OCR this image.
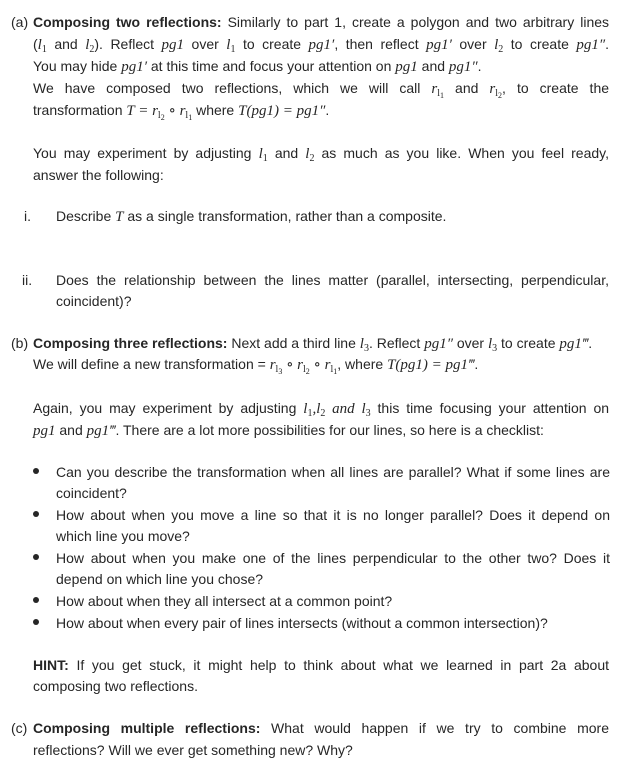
(a) Composing two reflections: Similarly to part 1, create a polygon and two arbitrary lines
($l_1$ and $l_2$). Reflect pg1 over $l_1$ to create pg1′, then reflect pg1′ over $l_2$ to create pg1″.
You may hide pg1′ at this time and focus your attention on pg1 and pg1″.
We have composed two reflections, which we will call $r_{l_1}$ and $r_{l_2}$, to create the
transformation $T = r_{l_2}$ ∘ $r_{l_1}$ where T(pg1) = pg1″.
You may experiment by adjusting $l_1$ and $l_2$ as much as you like. When you feel ready,
answer the following:
i. Describe T as a single transformation, rather than a composite.
ii. Does the relationship between the lines matter (parallel, intersecting, perpendicular,
coincident)?
(b) Composing three reflections: Next add a third line $l_3$. Reflect pg1″ over $l_3$ to create pg1‴.
We will define a new transformation = $r_{l_3}$ ∘ $r_{l_2}$ ∘ $r_{l_1}$, where T(pg1) = pg1‴.
Again, you may experiment by adjusting $l_1,l_2$ and $l_3$ this time focusing your attention on
pg1 and pg1‴. There are a lot more possibilities for our lines, so here is a checklist:
Can you describe the transformation when all lines are parallel? What if some lines are
coincident?
How about when you move a line so that it is no longer parallel? Does it depend on
which line you move?
How about when you make one of the lines perpendicular to the other two? Does it
depend on which line you chose?
How about when they all intersect at a common point?
How about when every pair of lines intersects (without a common intersection)?
HINT: If you get stuck, it might help to think about what we learned in part 2a about
composing two reflections.
(c) Composing multiple reflections: What would happen if we try to combine more
reflections? Will we ever get something new? Why?
